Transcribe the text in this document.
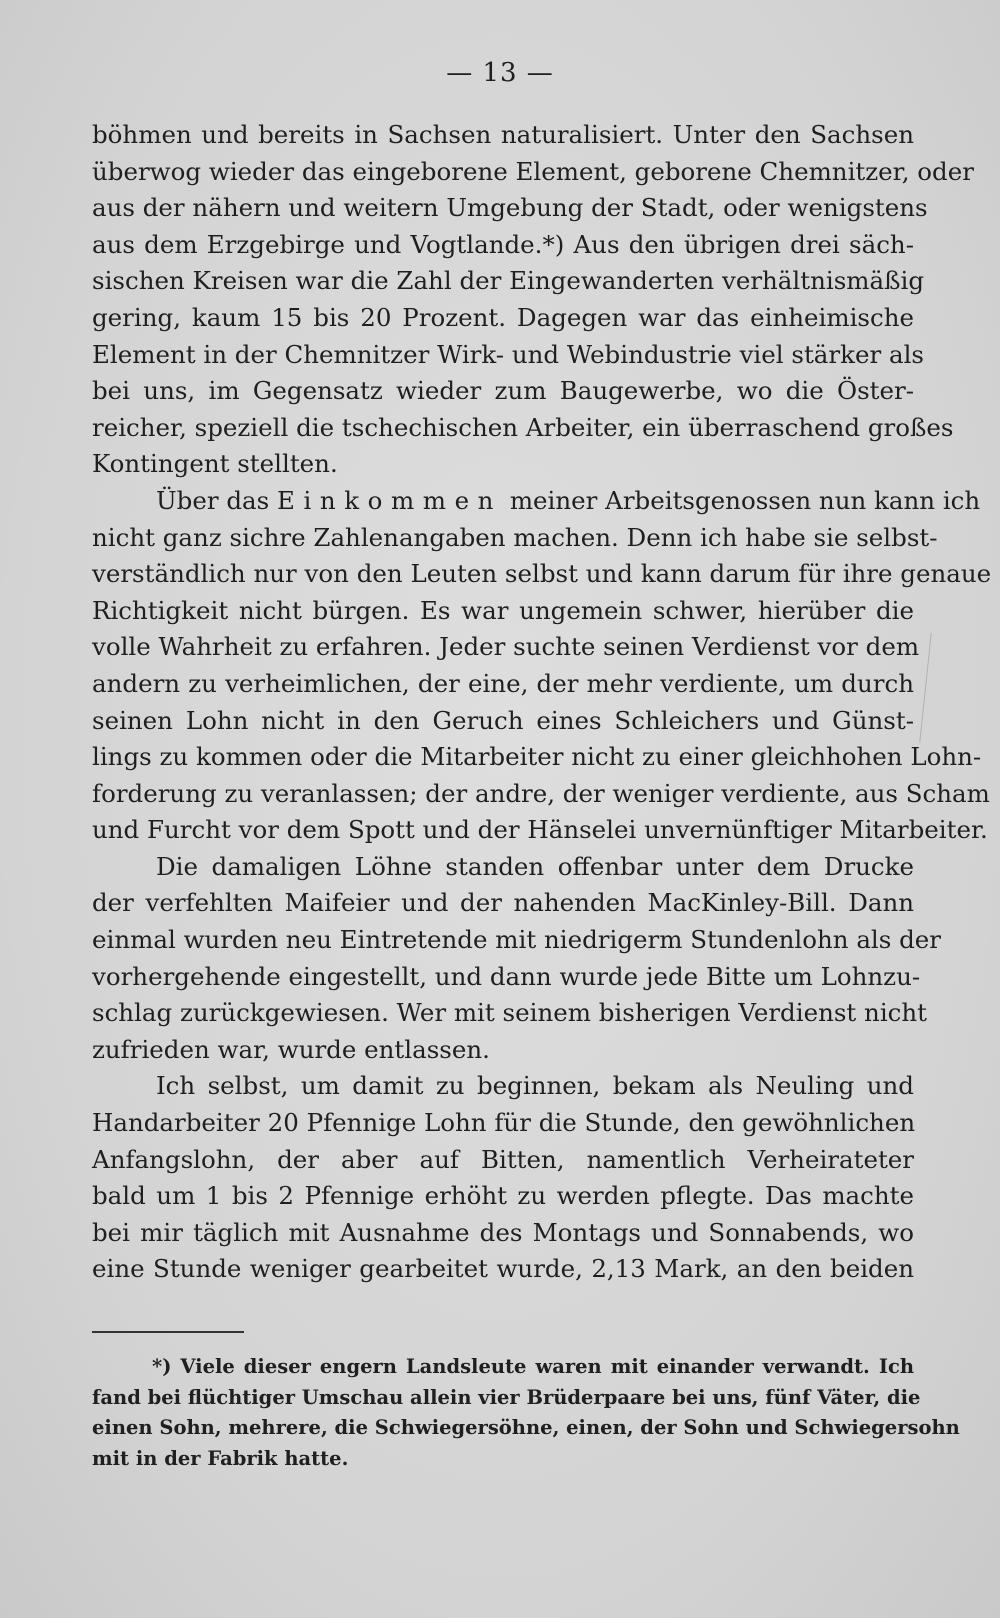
— 13 —
böhmen und bereits in Sachsen naturalisiert. Unter den Sachsen
überwog wieder das eingeborene Element, geborene Chemnitzer, oder
aus der nähern und weitern Umgebung der Stadt, oder wenigstens
aus dem Erzgebirge und Vogtlande.*) Aus den übrigen drei säch-
sischen Kreisen war die Zahl der Eingewanderten verhältnismäßig
gering, kaum 15 bis 20 Prozent. Dagegen war das einheimische
Element in der Chemnitzer Wirk- und Webindustrie viel stärker als
bei uns, im Gegensatz wieder zum Baugewerbe, wo die Öster-
reicher, speziell die tschechischen Arbeiter, ein überraschend großes
Kontingent stellten.
Über das Einkommen meiner Arbeitsgenossen nun kann ich
nicht ganz sichre Zahlenangaben machen. Denn ich habe sie selbst-
verständlich nur von den Leuten selbst und kann darum für ihre genaue
Richtigkeit nicht bürgen. Es war ungemein schwer, hierüber die
volle Wahrheit zu erfahren. Jeder suchte seinen Verdienst vor dem
andern zu verheimlichen, der eine, der mehr verdiente, um durch
seinen Lohn nicht in den Geruch eines Schleichers und Günst-
lings zu kommen oder die Mitarbeiter nicht zu einer gleichhohen Lohn-
forderung zu veranlassen; der andre, der weniger verdiente, aus Scham
und Furcht vor dem Spott und der Hänselei unvernünftiger Mitarbeiter.
Die damaligen Löhne standen offenbar unter dem Drucke
der verfehlten Maifeier und der nahenden MacKinley-Bill. Dann
einmal wurden neu Eintretende mit niedrigerm Stundenlohn als der
vorhergehende eingestellt, und dann wurde jede Bitte um Lohnzu-
schlag zurückgewiesen. Wer mit seinem bisherigen Verdienst nicht
zufrieden war, wurde entlassen.
Ich selbst, um damit zu beginnen, bekam als Neuling und
Handarbeiter 20 Pfennige Lohn für die Stunde, den gewöhnlichen
Anfangslohn, der aber auf Bitten, namentlich Verheirateter
bald um 1 bis 2 Pfennige erhöht zu werden pflegte. Das machte
bei mir täglich mit Ausnahme des Montags und Sonnabends, wo
eine Stunde weniger gearbeitet wurde, 2,13 Mark, an den beiden
*) Viele dieser engern Landsleute waren mit einander verwandt. Ich
fand bei flüchtiger Umschau allein vier Brüderpaare bei uns, fünf Väter, die
einen Sohn, mehrere, die Schwiegersöhne, einen, der Sohn und Schwiegersohn
mit in der Fabrik hatte.
